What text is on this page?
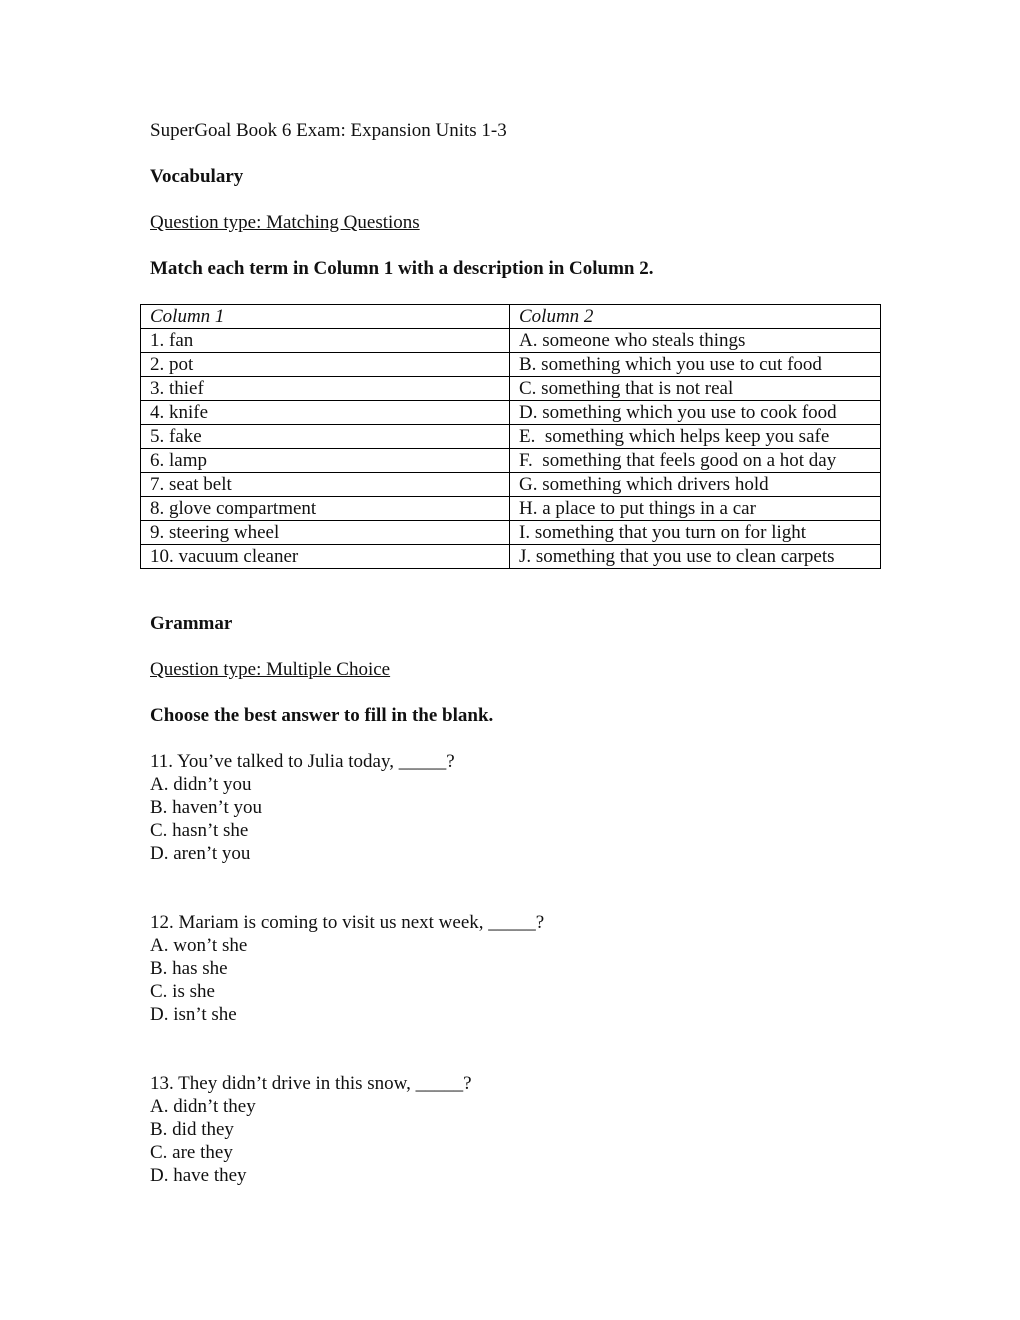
SuperGoal Book 6 Exam: Expansion Units 1-3
Vocabulary
Question type: Matching Questions
Match each term in Column 1 with a description in Column 2.
Column 1	Column 2
1. fan	A. someone who steals things
2. pot	B. something which you use to cut food
3. thief	C. something that is not real
4. knife	D. something which you use to cook food
5. fake	E.  something which helps keep you safe
6. lamp	F.  something that feels good on a hot day
7. seat belt	G. something which drivers hold
8. glove compartment	H. a place to put things in a car
9. steering wheel	I. something that you turn on for light
10. vacuum cleaner	J. something that you use to clean carpets
Grammar
Question type: Multiple Choice
Choose the best answer to fill in the blank.
11. You’ve talked to Julia today, _____?
A. didn’t you
B. haven’t you
C. hasn’t she
D. aren’t you
12. Mariam is coming to visit us next week, _____?
A. won’t she
B. has she
C. is she
D. isn’t she
13. They didn’t drive in this snow, _____?
A. didn’t they
B. did they
C. are they
D. have they
